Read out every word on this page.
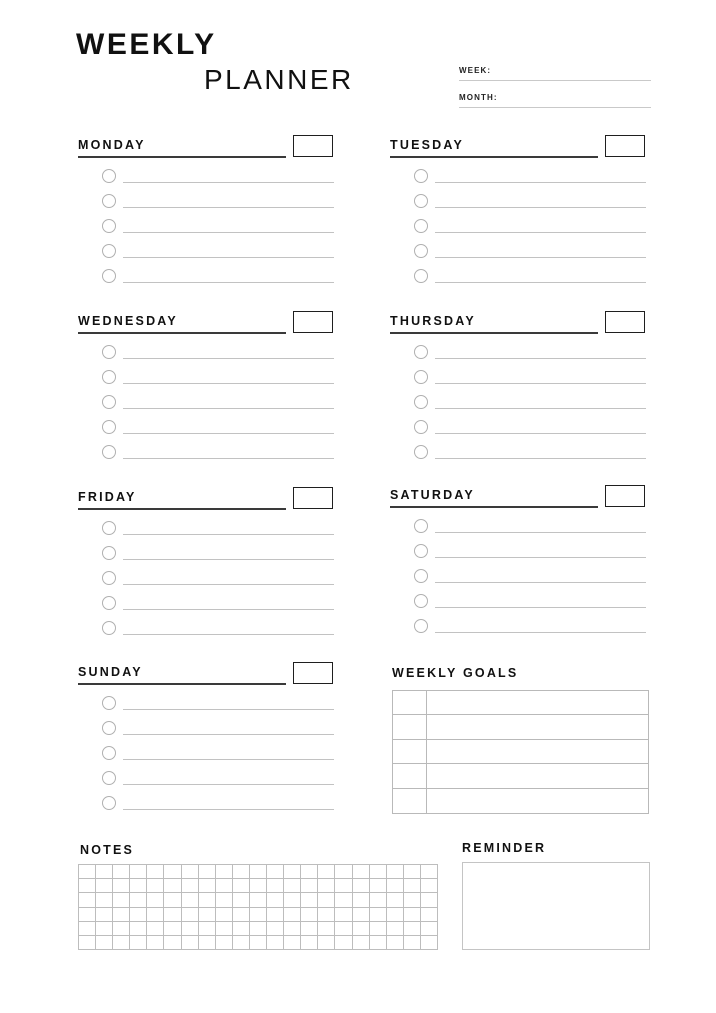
WEEKLY
PLANNER	WEEK:
MONTH:
MONDAY	TUESDAY
WEDNESDAY	THURSDAY
FRIDAY	SATURDAY
SUNDAY	WEEKLY GOALS
NOTES	REMINDER
